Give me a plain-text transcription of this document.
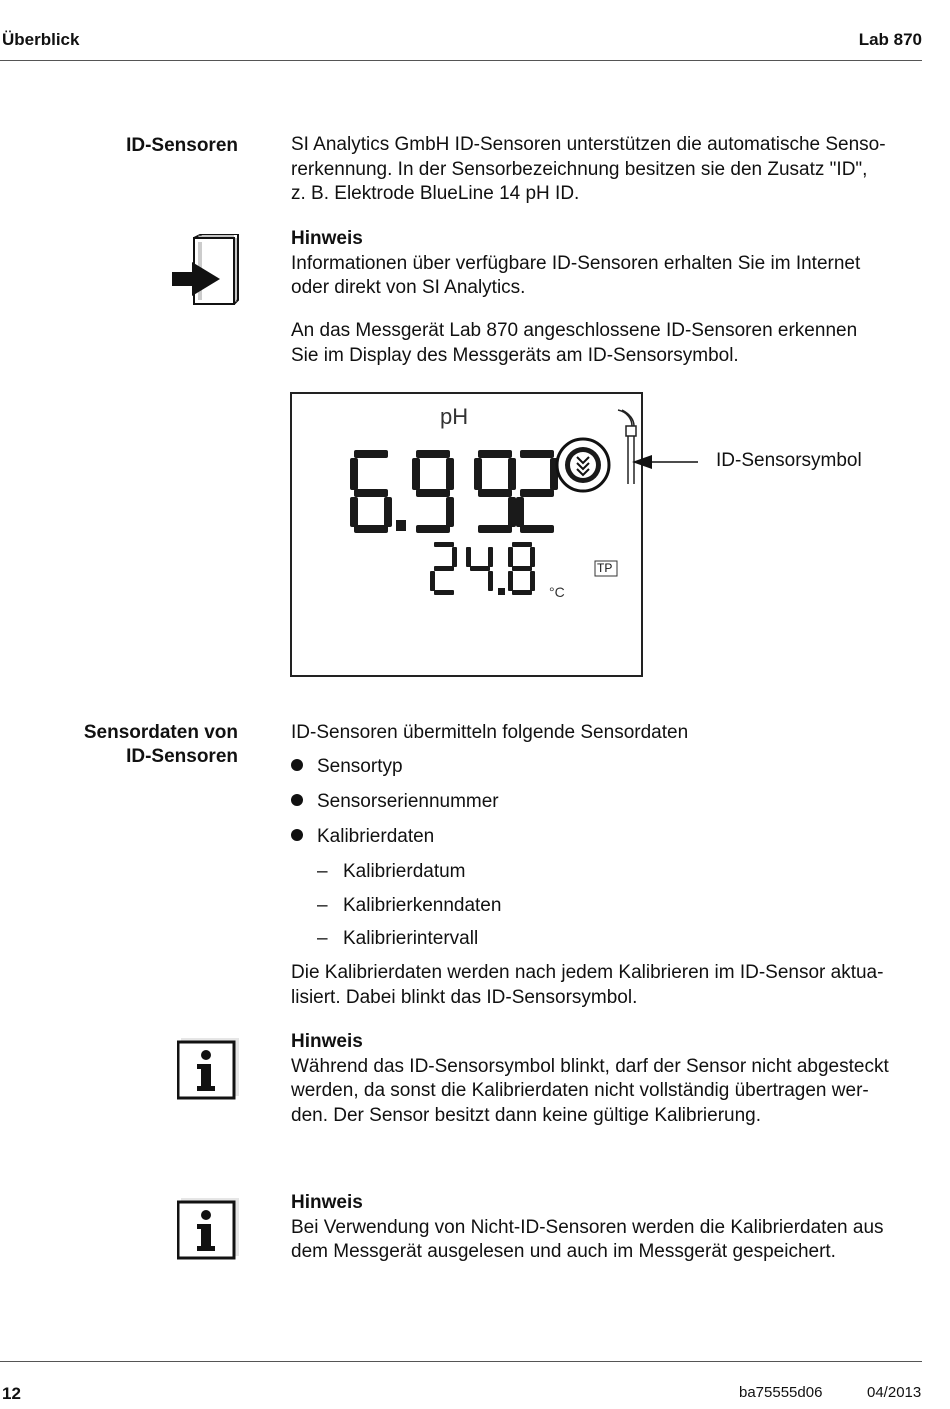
Überblick	Lab 870
ID-Sensoren	SI Analytics GmbH ID-Sensoren unterstützen die automatische Senso-
rerkennung. In der Sensorbezeichnung besitzen sie den Zusatz "ID",
z. B. Elektrode BlueLine 14 pH ID.
Hinweis
Informationen über verfügbare ID-Sensoren erhalten Sie im Internet
oder direkt von SI Analytics.
An das Messgerät Lab 870 angeschlossene ID-Sensoren erkennen
Sie im Display des Messgeräts am ID-Sensorsymbol.
pH
TP
°C
ID-Sensorsymbol
Sensordaten von
ID-Sensoren
ID-Sensoren übermitteln folgende Sensordaten
Sensortyp
Sensorseriennummer
Kalibrierdaten
– Kalibrierdatum
– Kalibrierkenndaten
– Kalibrierintervall
Die Kalibrierdaten werden nach jedem Kalibrieren im ID-Sensor aktua-
lisiert. Dabei blinkt das ID-Sensorsymbol.
Hinweis
Während das ID-Sensorsymbol blinkt, darf der Sensor nicht abgesteckt
werden, da sonst die Kalibrierdaten nicht vollständig übertragen wer-
den. Der Sensor besitzt dann keine gültige Kalibrierung.
Hinweis
Bei Verwendung von Nicht-ID-Sensoren werden die Kalibrierdaten aus
dem Messgerät ausgelesen und auch im Messgerät gespeichert.
12	ba75555d06	04/2013
